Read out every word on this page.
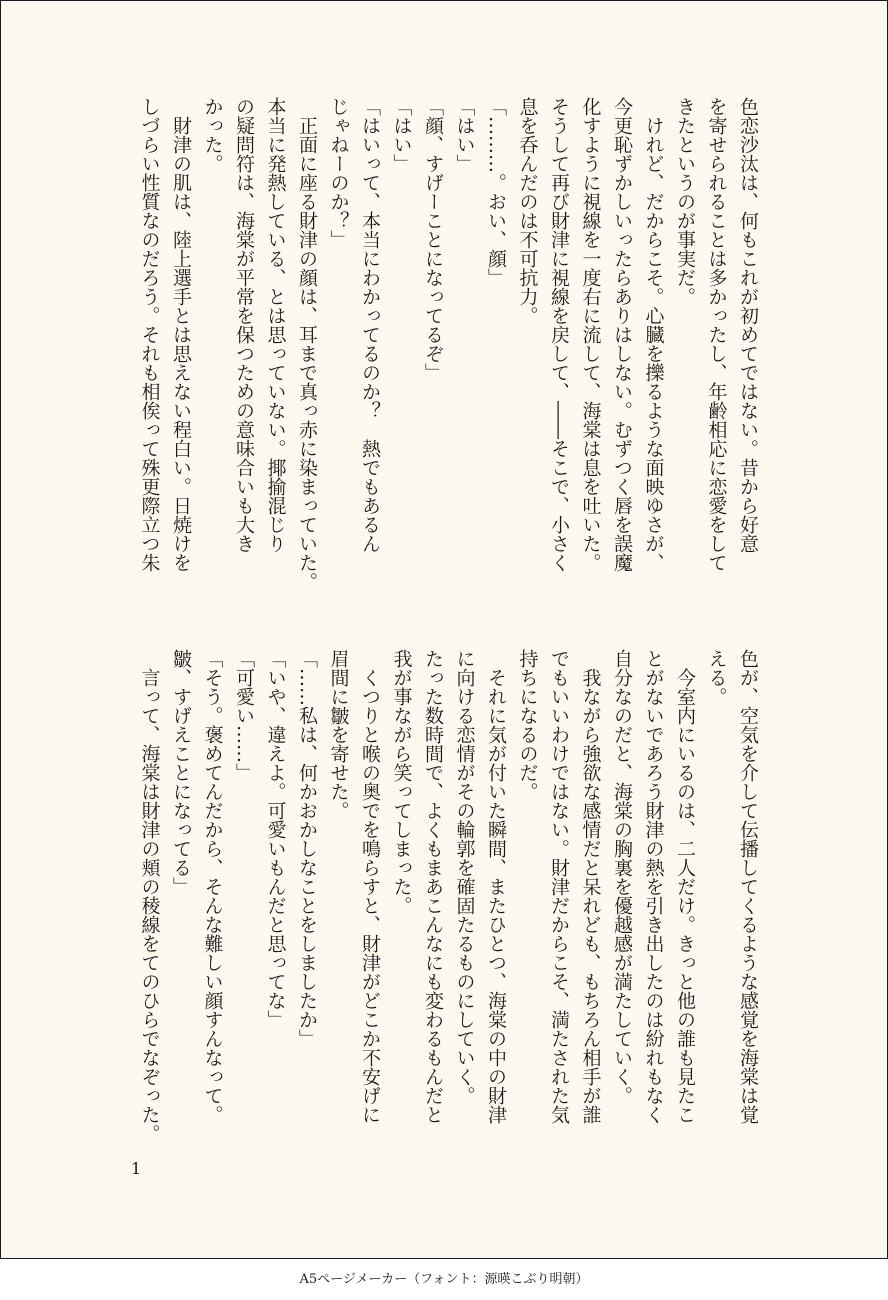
色恋沙汰は、何もこれが初めてではない。昔から好意

を寄せられることは多かったし、年齢相応に恋愛をして

きたというのが事実だ。

　けれど、だからこそ。心臓を擽るような面映ゆさが、

今更恥ずかしいったらありはしない。むずつく唇を誤魔

化すように視線を一度右に流して、海棠は息を吐いた。

そうして再び財津に視線を戻して、――そこで、小さく

息を呑んだのは不可抗力。

「………。おい、顔」

「はい」

「顔、すげーことになってるぞ」

「はい」

「はいって、本当にわかってるのか？　熱でもあるん

じゃねーのか？」

　正面に座る財津の顔は、耳まで真っ赤に染まっていた。

本当に発熱している、とは思っていない。揶揄混じり

の疑問符は、海棠が平常を保つための意味合いも大き

かった。

　財津の肌は、陸上選手とは思えない程白い。日焼けを

しづらい性質なのだろう。それも相俟って殊更際立つ朱

色が、空気を介して伝播してくるような感覚を海棠は覚

える。

　今室内にいるのは、二人だけ。きっと他の誰も見たこ

とがないであろう財津の熱を引き出したのは紛れもなく

自分なのだと、海棠の胸裏を優越感が満たしていく。

　我ながら強欲な感情だと呆れども、もちろん相手が誰

でもいいわけではない。財津だからこそ、満たされた気

持ちになるのだ。

　それに気が付いた瞬間、またひとつ、海棠の中の財津

に向ける恋情がその輪郭を確固たるものにしていく。

たった数時間で、よくもまあこんなにも変わるもんだと

我が事ながら笑ってしまった。

　くつりと喉の奥でを鳴らすと、財津がどこか不安げに

眉間に皺を寄せた。

「……私は、何かおかしなことをしましたか」

「いや、違えよ。可愛いもんだと思ってな」

「可愛い……」

「そう。褒めてんだから、そんな難しい顔すんなって。

皺、すげえことになってる」

　言って、海棠は財津の頬の稜線をてのひらでなぞった。

1
A5ページメーカー（フォント：源暎こぶり明朝）
